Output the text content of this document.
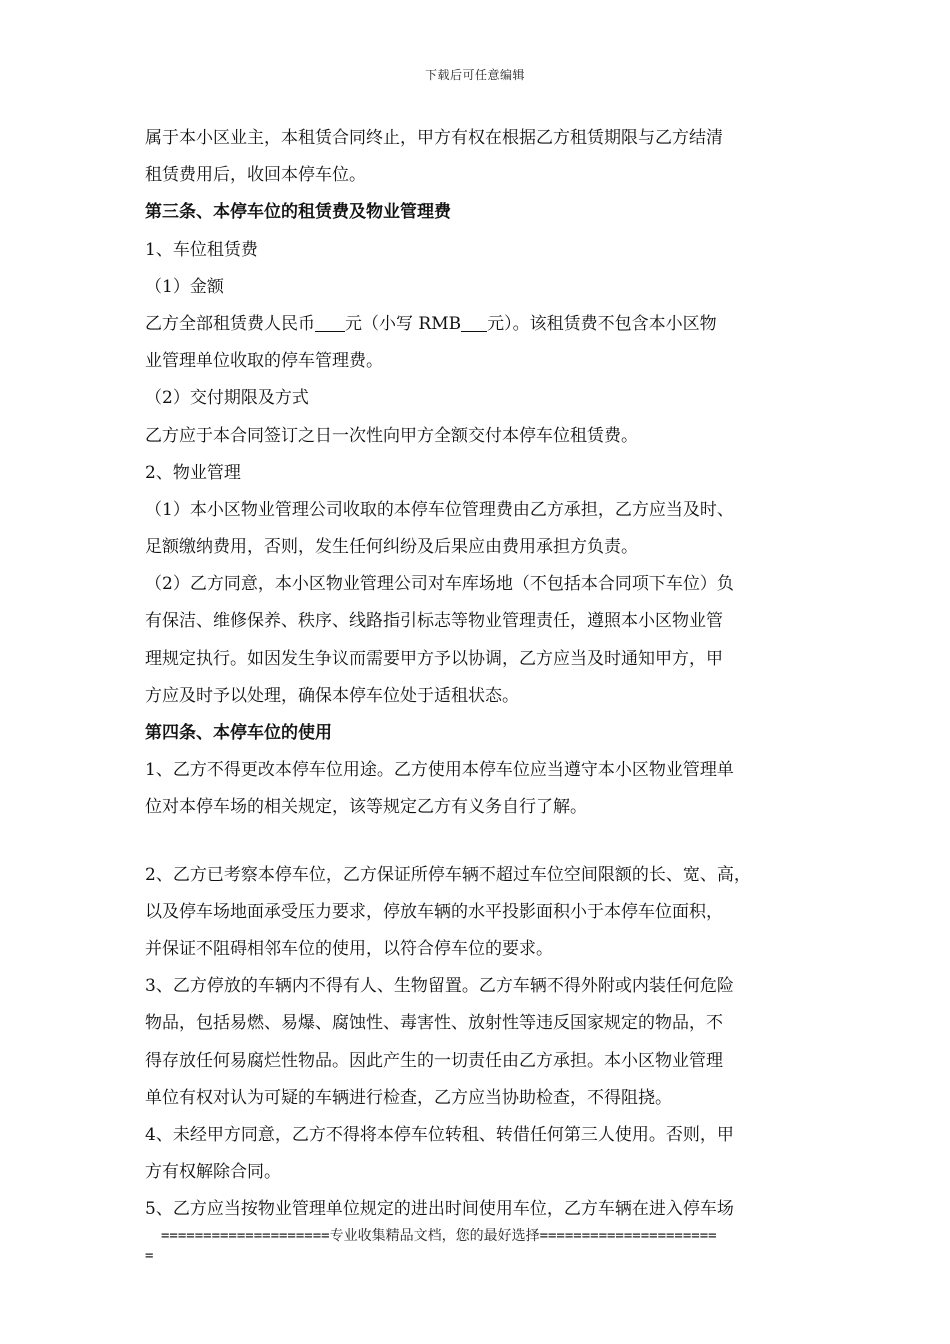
下载后可任意编辑
属于本小区业主，本租赁合同终止，甲方有权在根据乙方租赁期限与乙方结清
租赁费用后，收回本停车位。
第三条、本停车位的租赁费及物业管理费
1、车位租赁费
（1）金额
乙方全部租赁费人民币 元（小写 RMB 元）。该租赁费不包含本小区物
业管理单位收取的停车管理费。
（2）交付期限及方式
乙方应于本合同签订之日一次性向甲方全额交付本停车位租赁费。
2、物业管理
（1）本小区物业管理公司收取的本停车位管理费由乙方承担，乙方应当及时、
足额缴纳费用，否则，发生任何纠纷及后果应由费用承担方负责。
（2）乙方同意，本小区物业管理公司对车库场地（不包括本合同项下车位）负
有保洁、维修保养、秩序、线路指引标志等物业管理责任，遵照本小区物业管
理规定执行。如因发生争议而需要甲方予以协调，乙方应当及时通知甲方，甲
方应及时予以处理，确保本停车位处于适租状态。
第四条、本停车位的使用
1、乙方不得更改本停车位用途。乙方使用本停车位应当遵守本小区物业管理单
位对本停车场的相关规定，该等规定乙方有义务自行了解。
2、乙方已考察本停车位，乙方保证所停车辆不超过车位空间限额的长、宽、高，
以及停车场地面承受压力要求，停放车辆的水平投影面积小于本停车位面积，
并保证不阻碍相邻车位的使用，以符合停车位的要求。
3、乙方停放的车辆内不得有人、生物留置。乙方车辆不得外附或内装任何危险
物品，包括易燃、易爆、腐蚀性、毒害性、放射性等违反国家规定的物品，不
得存放任何易腐烂性物品。因此产生的一切责任由乙方承担。本小区物业管理
单位有权对认为可疑的车辆进行检查，乙方应当协助检查，不得阻挠。
4、未经甲方同意，乙方不得将本停车位转租、转借任何第三人使用。否则，甲
方有权解除合同。
5、乙方应当按物业管理单位规定的进出时间使用车位，乙方车辆在进入停车场
====================专业收集精品文档，您的最好选择=====================
=
